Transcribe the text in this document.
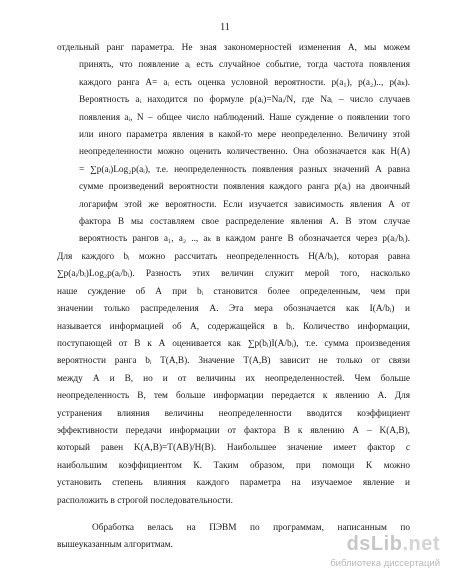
11
отдельный ранг параметра. Не зная закономерностей изменения А, мы можем
принять, что появление aᵢ есть случайное событие, тогда частота появления
каждого ранга А= aᵢ есть оценка условной вероятности. p(a₁), p(a₂).., p(aₖ).
Вероятность aᵢ находится по формуле p(aᵢ)=Naᵢ/N, где Naᵢ – число случаев
появления aᵢ, N – общее число наблюдений. Наше суждение о появлении того
или иного параметра явления в какой-то мере неопределенно. Величину этой
неопределенности можно оценить количественно. Она обозначается как H(A)
= ∑p(aᵢ)Log₂p(aᵢ), т.е. неопределенность появления разных значений А равна
сумме произведений вероятности появления каждого ранга p(aᵢ) на двоичный
логарифм этой же вероятности. Если изучается зависимость явления А от
фактора В мы составляем свое распределение явления А. В этом случае
вероятность рангов a₁, a₂ .., aₖ в каждом ранге В обозначается через p(aᵢ/bᵢ).
Для каждого bᵢ можно рассчитать неопределенность H(A/bᵢ), которая равна
∑p(aᵢ/bᵢ)Log₂p(aᵢ/bᵢ). Разность этих величин служит мерой того, насколько
наше суждение об А при bᵢ становится более определенным, чем при
значении только распределения А. Эта мера обозначается как I(A/bᵢ) и
называется информацией об А, содержащейся в bᵢ. Количество информации,
поступающей от В к А оценивается как ∑p(bᵢ)I(A/bᵢ), т.е. сумма произведения
вероятности ранга bᵢ T(A,B). Значение T(A,B) зависит не только от связи
между А и В, но и от величины их неопределенностей. Чем больше
неопределенность В, тем больше информации передается к явлению А. Для
устранения влияния величины неопределенности вводится коэффициент
эффективности передачи информации от фактора В к явлению А – K(A,B),
который равен K(A,B)=T(AB)/H(B). Наибольшее значение имеет фактор с
наибольшим коэффициентом К. Таким образом, при помощи К можно
установить степень влияния каждого параметра на изучаемое явление и
расположить в строгой последовательности.
Обработка велась на ПЭВМ по программам, написанным по
вышеуказанным алгоритмам.	dsLib.net
библиотека диссертаций
